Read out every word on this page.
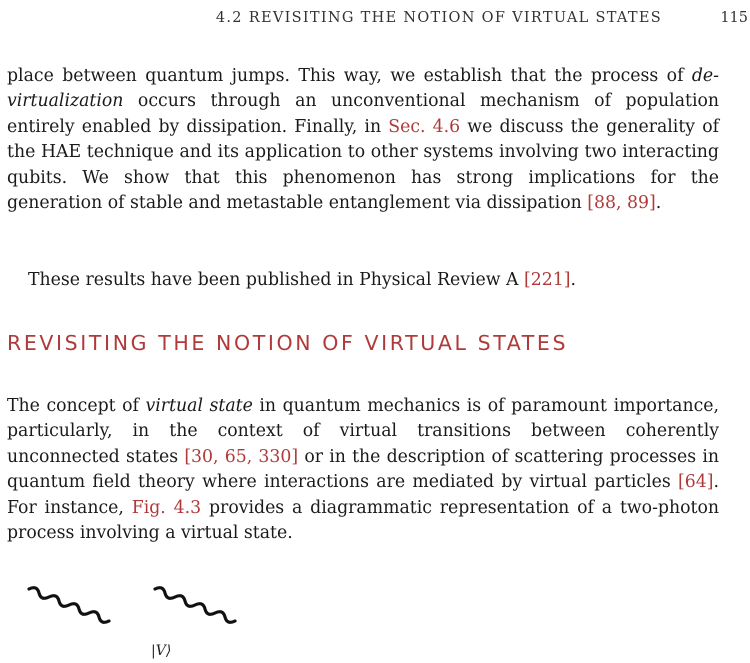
4.2 REVISITING THE NOTION OF VIRTUAL STATES	115

place between quantum jumps. This way, we establish that the process of de-virtualization occurs through an unconventional mechanism of population entirely enabled by dissipation. Finally, in Sec. 4.6 we discuss the generality of the HAE technique and its application to other systems involving two interacting qubits. We show that this phenomenon has strong implications for the generation of stable and metastable entanglement via dissipation [88, 89].

These results have been published in Physical Review A [221].

REVISITING THE NOTION OF VIRTUAL STATES

The concept of virtual state in quantum mechanics is of paramount importance, particularly, in the context of virtual transitions between coherently unconnected states [30, 65, 330] or in the description of scattering processes in quantum field theory where interactions are mediated by virtual particles [64]. For instance, Fig. 4.3 provides a diagrammatic representation of a two-photon process involving a virtual state.

|V⟩
